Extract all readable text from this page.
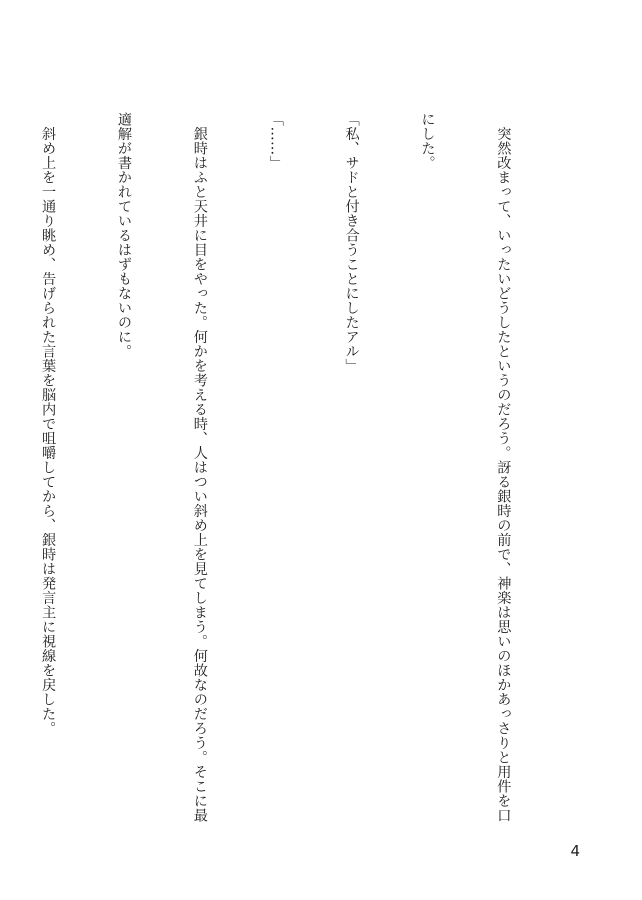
　突然改まって、いったいどうしたというのだろう。訝る銀時の前で、神楽は思いのほかあっさりと用件を口

にした。

「私、サドと付き合うことにしたアル」

「……」

　銀時はふと天井に目をやった。何かを考える時、人はつい斜め上を見てしまう。何故なのだろう。そこに最

適解が書かれているはずもないのに。

　斜め上を一通り眺め、告げられた言葉を脳内で咀嚼してから、銀時は発言主に視線を戻した。

4
